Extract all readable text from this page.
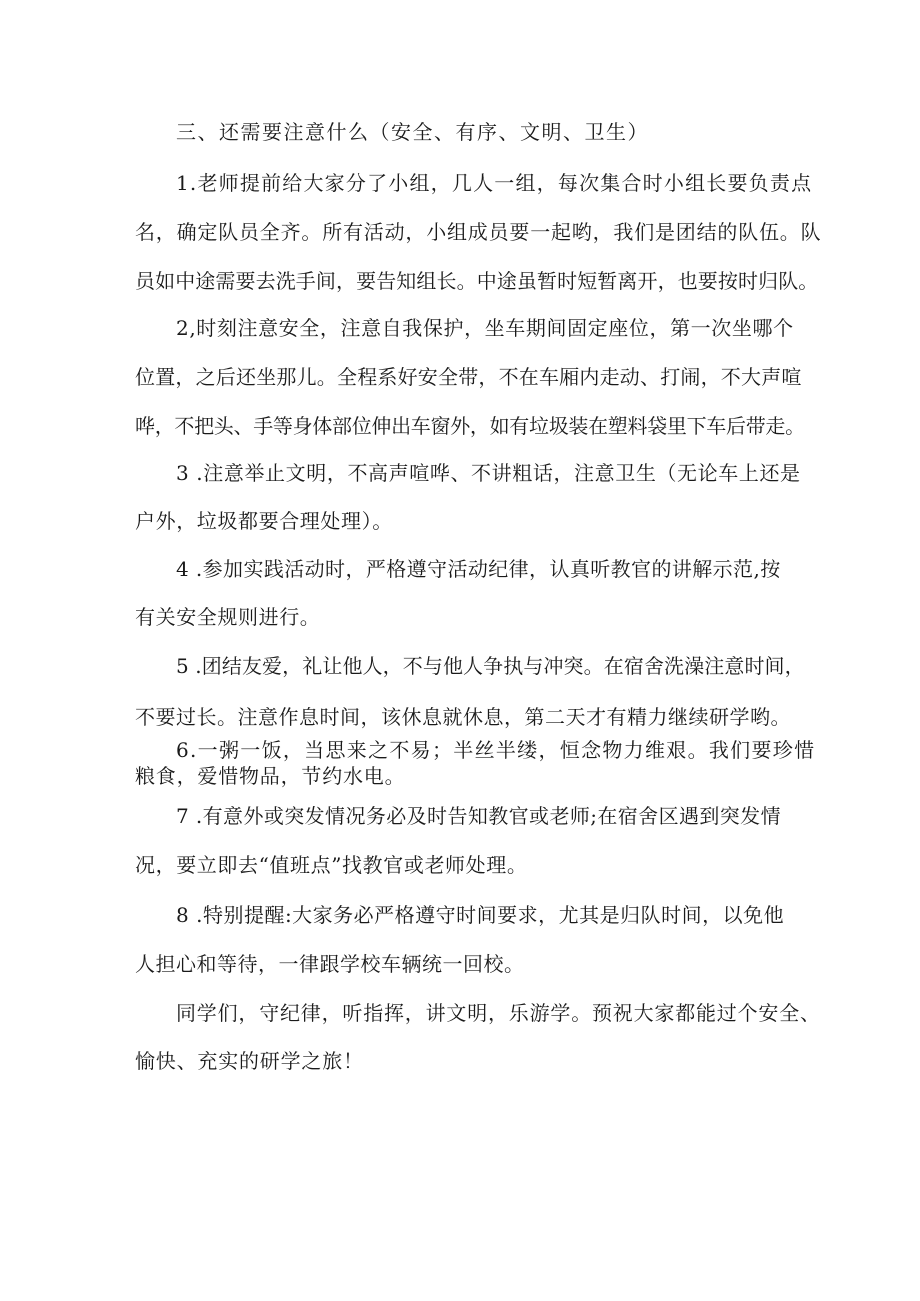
三、还需要注意什么（安全、有序、文明、卫生）

1.老师提前给大家分了小组，几人一组，每次集合时小组长要负责点

名，确定队员全齐。所有活动，小组成员要一起哟，我们是团结的队伍。队

员如中途需要去洗手间，要告知组长。中途虽暂时短暂离开，也要按时归队。

2,时刻注意安全，注意自我保护，坐车期间固定座位，第一次坐哪个

位置，之后还坐那儿。全程系好安全带，不在车厢内走动、打闹，不大声喧

哗，不把头、手等身体部位伸出车窗外，如有垃圾装在塑料袋里下车后带走。

3 .注意举止文明，不高声喧哗、不讲粗话，注意卫生（无论车上还是

户外，垃圾都要合理处理）。

4 .参加实践活动时，严格遵守活动纪律，认真听教官的讲解示范,按

有关安全规则进行。

5 .团结友爱，礼让他人，不与他人争执与冲突。在宿舍洗澡注意时间，

不要过长。注意作息时间，该休息就休息，第二天才有精力继续研学哟。

6.一粥一饭，当思来之不易；半丝半缕，恒念物力维艰。我们要珍惜

粮食，爱惜物品，节约水电。

7 .有意外或突发情况务必及时告知教官或老师;在宿舍区遇到突发情

况，要立即去“值班点”找教官或老师处理。

8 .特别提醒:大家务必严格遵守时间要求，尤其是归队时间，以免他

人担心和等待，一律跟学校车辆统一回校。

同学们，守纪律，听指挥，讲文明，乐游学。预祝大家都能过个安全、

愉快、充实的研学之旅！
